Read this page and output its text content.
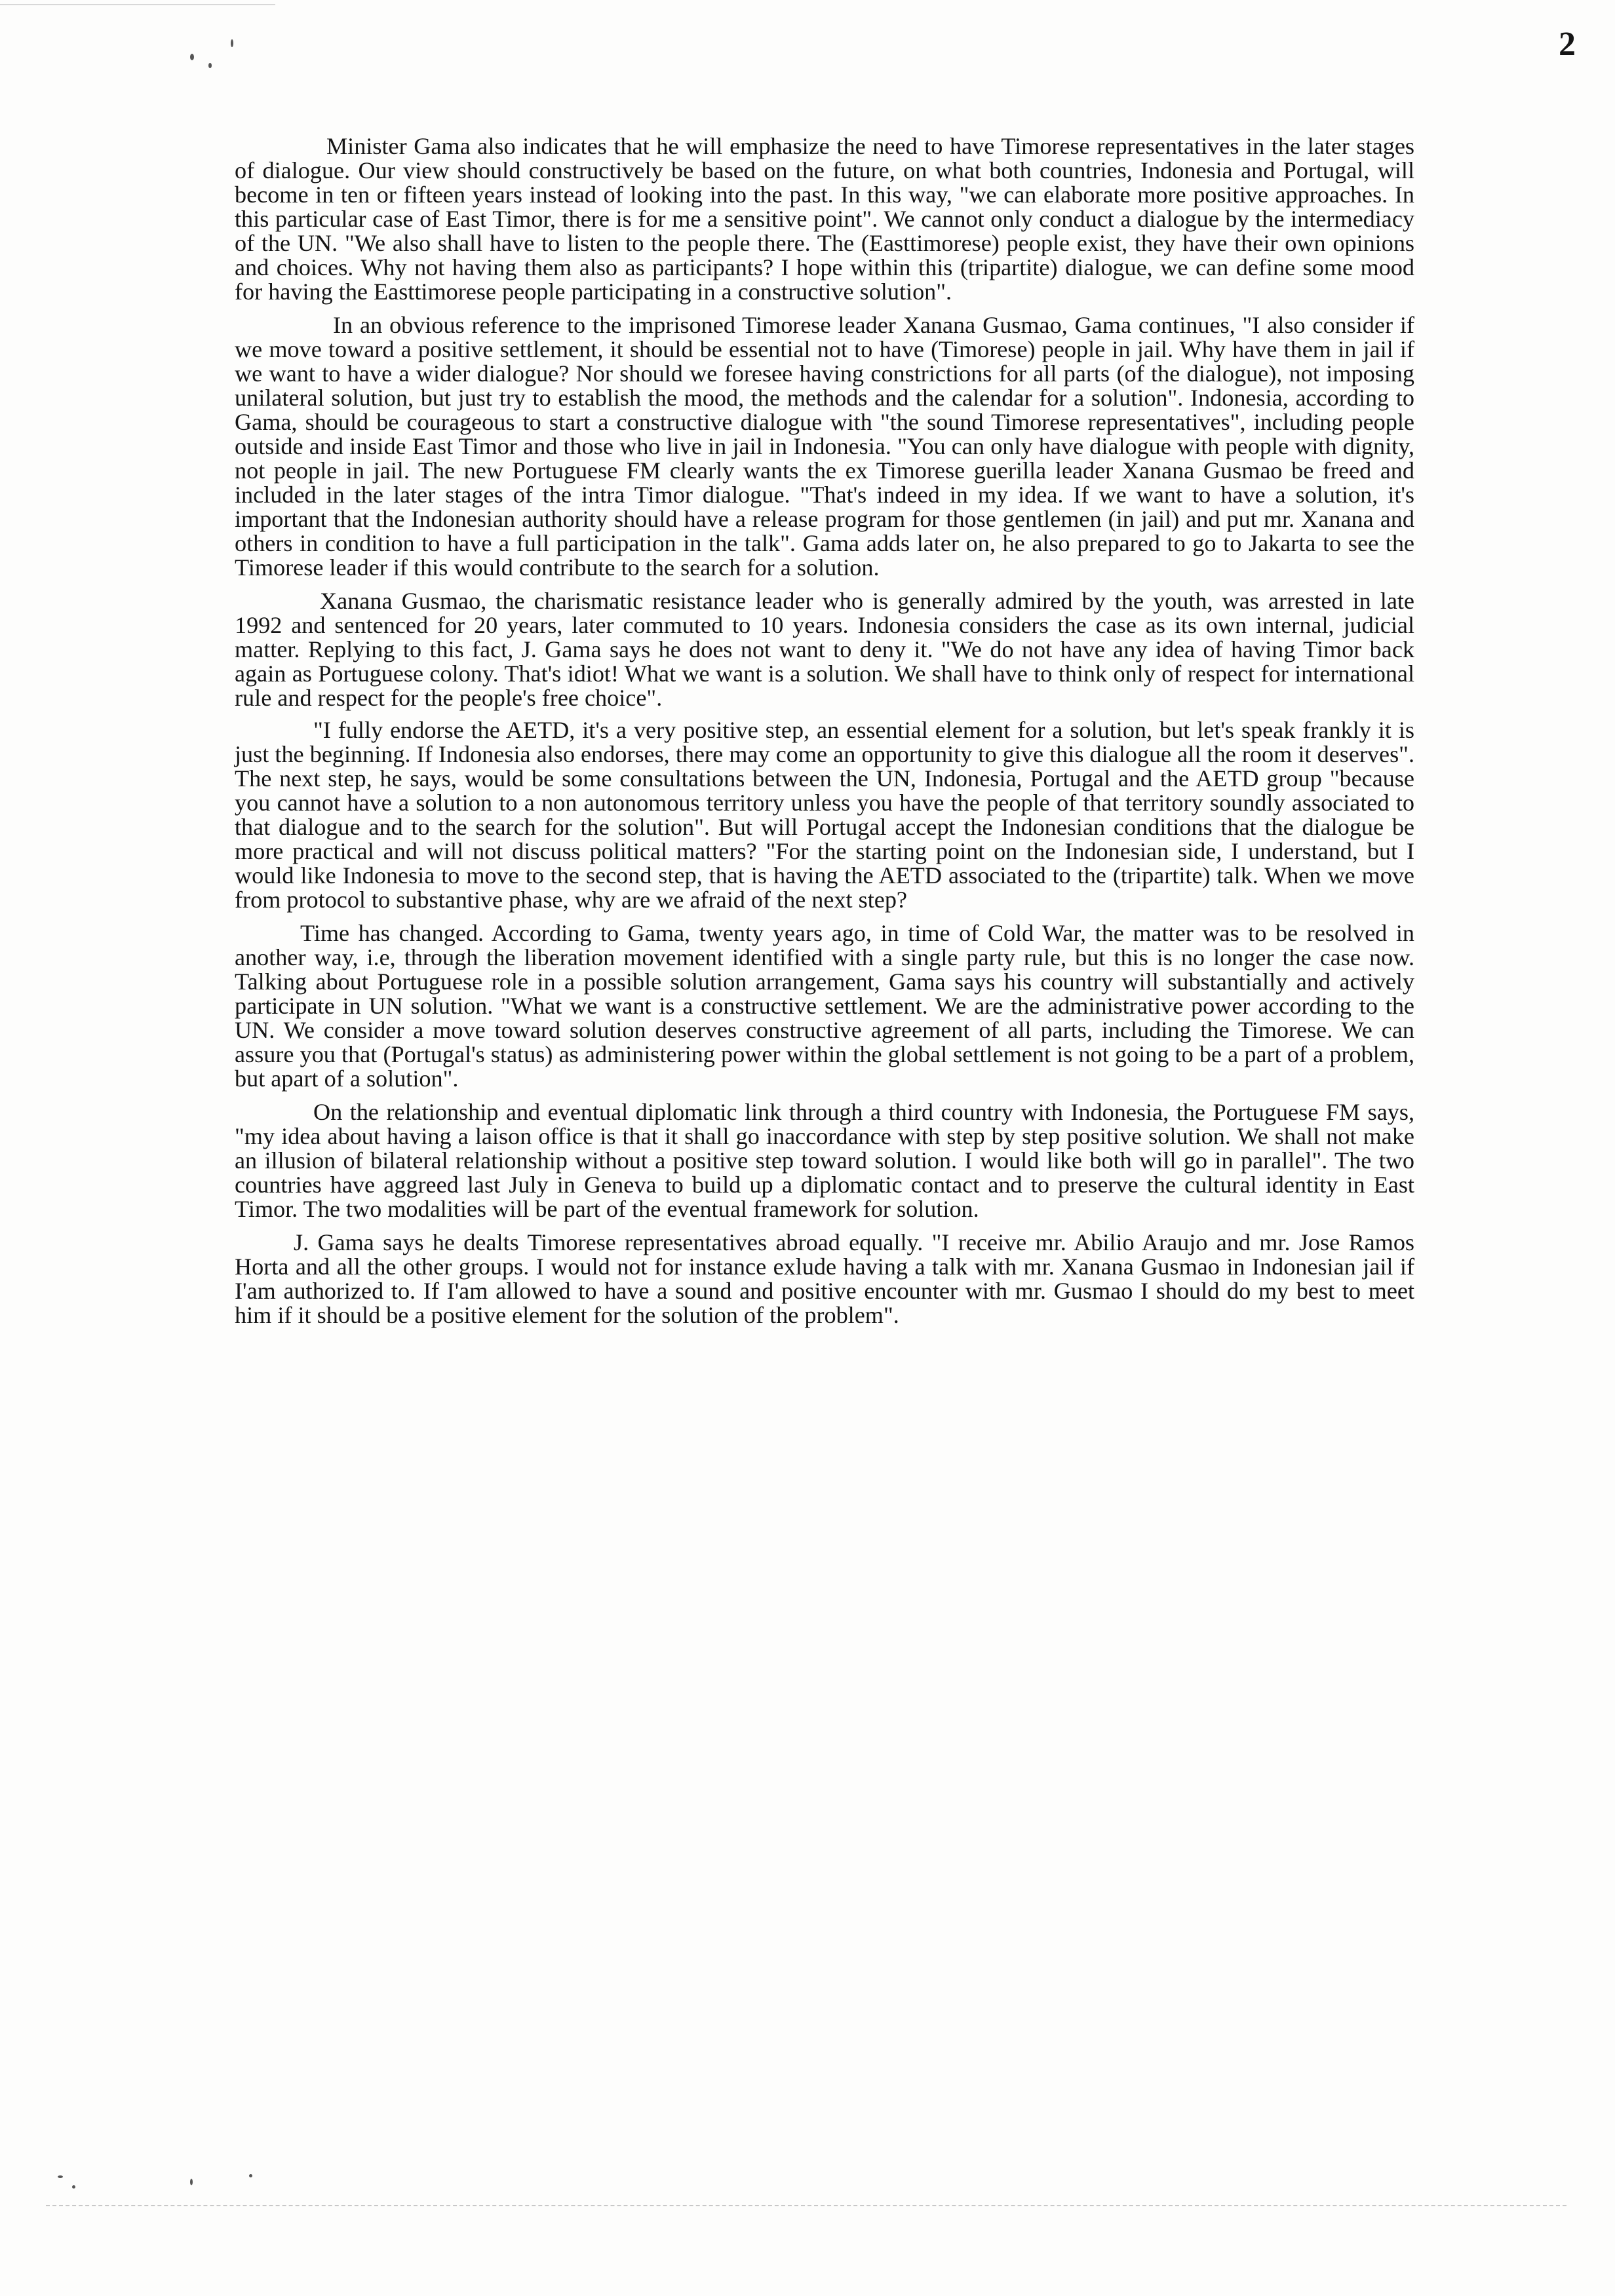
2

Minister Gama also indicates that he will emphasize the need to have Timorese representatives in the later stages of dialogue. Our view should constructively be based on the future, on what both countries, Indonesia and Portugal, will become in ten or fifteen years instead of looking into the past. In this way, "we can elaborate more positive approaches. In this particular case of East Timor, there is for me a sensitive point". We cannot only conduct a dialogue by the intermediacy of the UN. "We also shall have to listen to the people there. The (Easttimorese) people exist, they have their own opinions and choices. Why not having them also as participants? I hope within this (tripartite) dialogue, we can define some mood for having the Easttimorese people participating in a constructive solution".

In an obvious reference to the imprisoned Timorese leader Xanana Gusmao, Gama continues, "I also consider if we move toward a positive settlement, it should be essential not to have (Timorese) people in jail. Why have them in jail if we want to have a wider dialogue? Nor should we foresee having constrictions for all parts (of the dialogue), not imposing unilateral solution, but just try to establish the mood, the methods and the calendar for a solution". Indonesia, according to Gama, should be courageous to start a constructive dialogue with "the sound Timorese representatives", including people outside and inside East Timor and those who live in jail in Indonesia. "You can only have dialogue with people with dignity, not people in jail. The new Portuguese FM clearly wants the ex Timorese guerilla leader Xanana Gusmao be freed and included in the later stages of the intra Timor dialogue. "That's indeed in my idea. If we want to have a solution, it's important that the Indonesian authority should have a release program for those gentlemen (in jail) and put mr. Xanana and others in condition to have a full participation in the talk". Gama adds later on, he also prepared to go to Jakarta to see the Timorese leader if this would contribute to the search for a solution.

Xanana Gusmao, the charismatic resistance leader who is generally admired by the youth, was arrested in late 1992 and sentenced for 20 years, later commuted to 10 years. Indonesia considers the case as its own internal, judicial matter. Replying to this fact, J. Gama says he does not want to deny it. "We do not have any idea of having Timor back again as Portuguese colony. That's idiot! What we want is a solution. We shall have to think only of respect for international rule and respect for the people's free choice".

"I fully endorse the AETD, it's a very positive step, an essential element for a solution, but let's speak frankly it is just the beginning. If Indonesia also endorses, there may come an opportunity to give this dialogue all the room it deserves". The next step, he says, would be some consultations between the UN, Indonesia, Portugal and the AETD group "because you cannot have a solution to a non autonomous territory unless you have the people of that territory soundly associated to that dialogue and to the search for the solution". But will Portugal accept the Indonesian conditions that the dialogue be more practical and will not discuss political matters? "For the starting point on the Indonesian side, I understand, but I would like Indonesia to move to the second step, that is having the AETD associated to the (tripartite) talk. When we move from protocol to substantive phase, why are we afraid of the next step?

Time has changed. According to Gama, twenty years ago, in time of Cold War, the matter was to be resolved in another way, i.e, through the liberation movement identified with a single party rule, but this is no longer the case now. Talking about Portuguese role in a possible solution arrangement, Gama says his country will substantially and actively participate in UN solution. "What we want is a constructive settlement. We are the administrative power according to the UN. We consider a move toward solution deserves constructive agreement of all parts, including the Timorese. We can assure you that (Portugal's status) as administering power within the global settlement is not going to be a part of a problem, but apart of a solution".

On the relationship and eventual diplomatic link through a third country with Indonesia, the Portuguese FM says, "my idea about having a laison office is that it shall go inaccordance with step by step positive solution. We shall not make an illusion of bilateral relationship without a positive step toward solution. I would like both will go in parallel". The two countries have aggreed last July in Geneva to build up a diplomatic contact and to preserve the cultural identity in East Timor. The two modalities will be part of the eventual framework for solution.

J. Gama says he dealts Timorese representatives abroad equally. "I receive mr. Abilio Araujo and mr. Jose Ramos Horta and all the other groups. I would not for instance exlude having a talk with mr. Xanana Gusmao in Indonesian jail if I'am authorized to. If I'am allowed to have a sound and positive encounter with mr. Gusmao I should do my best to meet him if it should be a positive element for the solution of the problem".
